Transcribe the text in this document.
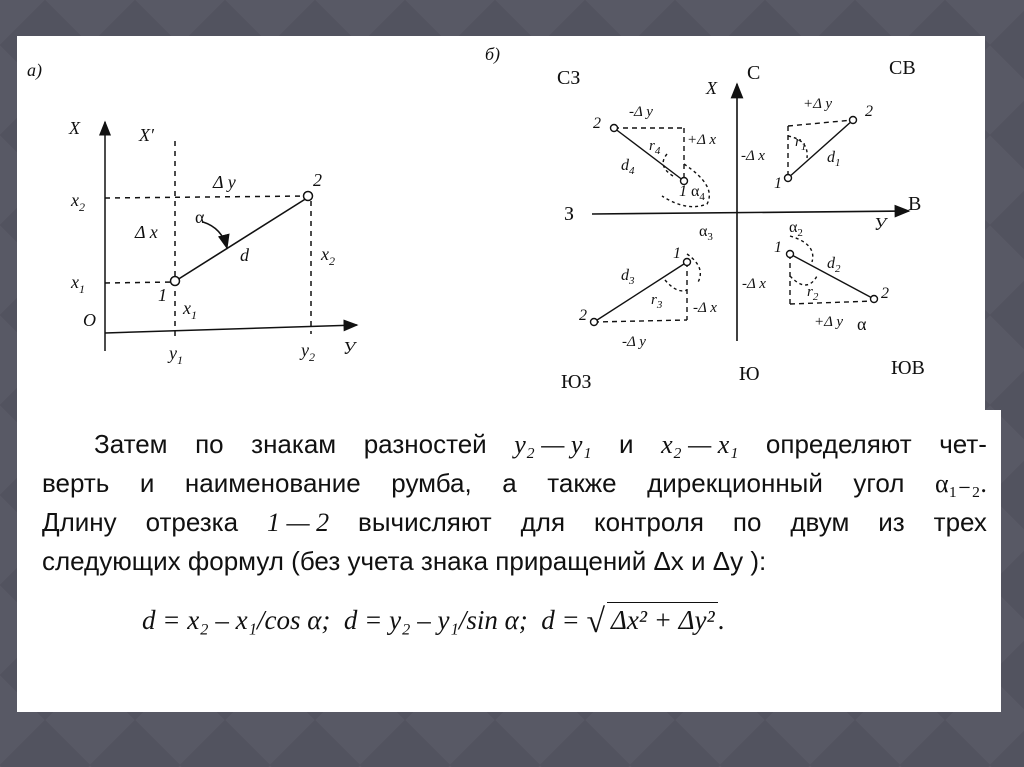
а)
X	X′
У
O
$x_2$
$x_1$
$y_1$	$y_2$
Δ y
Δ x
α
d
2
1
$x_1$
$x_2$
б)
СЗ	С	СВ
З	В
ЮЗ	Ю	ЮВ
X
У
+Δ y
-Δ x
$r_1$
$d_1$
1
2
-Δ y
+Δ x
$r_4$
$d_4$
1
2
$\alpha_4$
-Δ y
-Δ x
$r_3$
$d_3$
1
2
$\alpha_3$
+Δ y
-Δ x	$r_2$
$d_2$
1
2
$\alpha_2$
α
Затем по знакам разностей y₂ — y₁ и x₂ — x₁ определяют чет-
верть и наименование румба, а также дирекционный угол α₁₋₂.
Длину отрезка 1 — 2 вычисляют для контроля по двум из трех
следующих формул (без учета знака приращений Δx и Δy ):
d = x₂ – x₁/cos α; d = y₂ – y₁/sin α; d = √ Δx² + Δy² .
